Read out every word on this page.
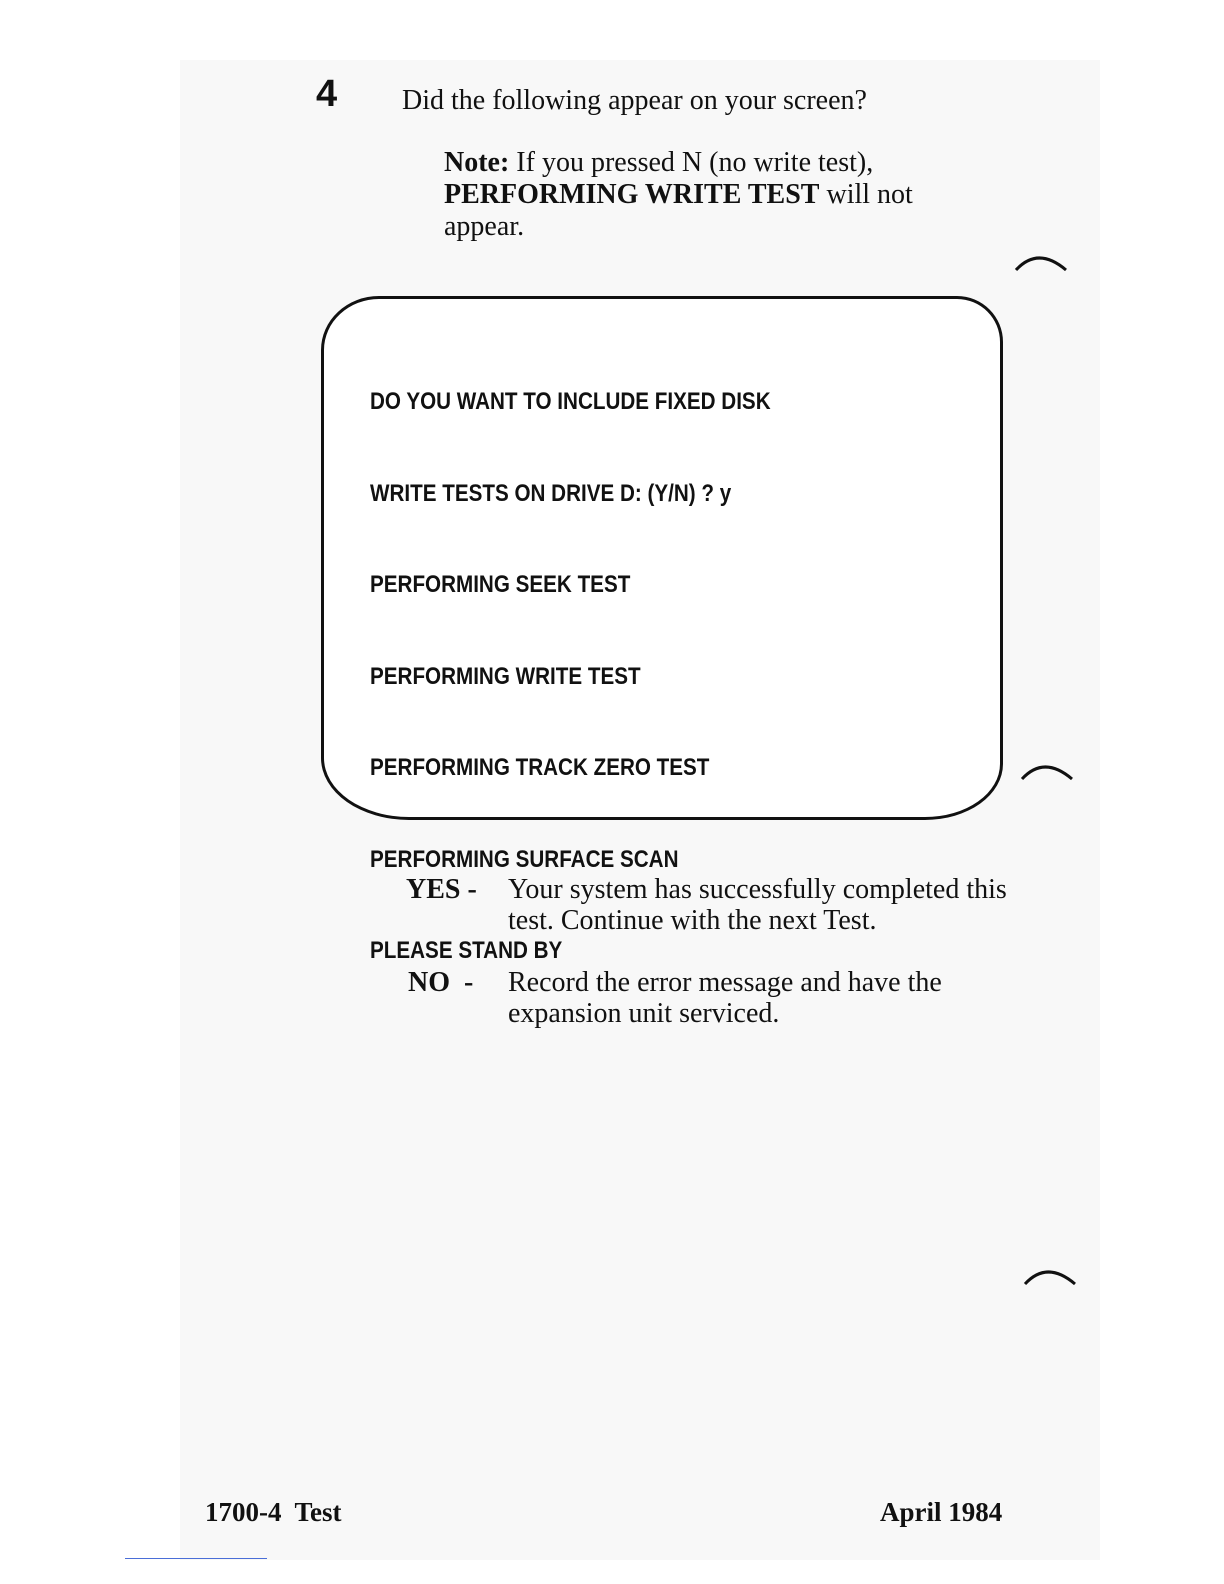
4 Did the following appear on your screen?
Note: If you pressed N (no write test), PERFORMING WRITE TEST will not appear.

DO YOU WANT TO INCLUDE FIXED DISK

WRITE TESTS ON DRIVE D: (Y/N) ? y

PERFORMING SEEK TEST

PERFORMING WRITE TEST

PERFORMING TRACK ZERO TEST

PERFORMING SURFACE SCAN

PLEASE STAND BY

YES - Your system has successfully completed this test. Continue with the next Test.
NO  - Record the error message and have the expansion unit serviced.
1700-4  Test	April 1984
